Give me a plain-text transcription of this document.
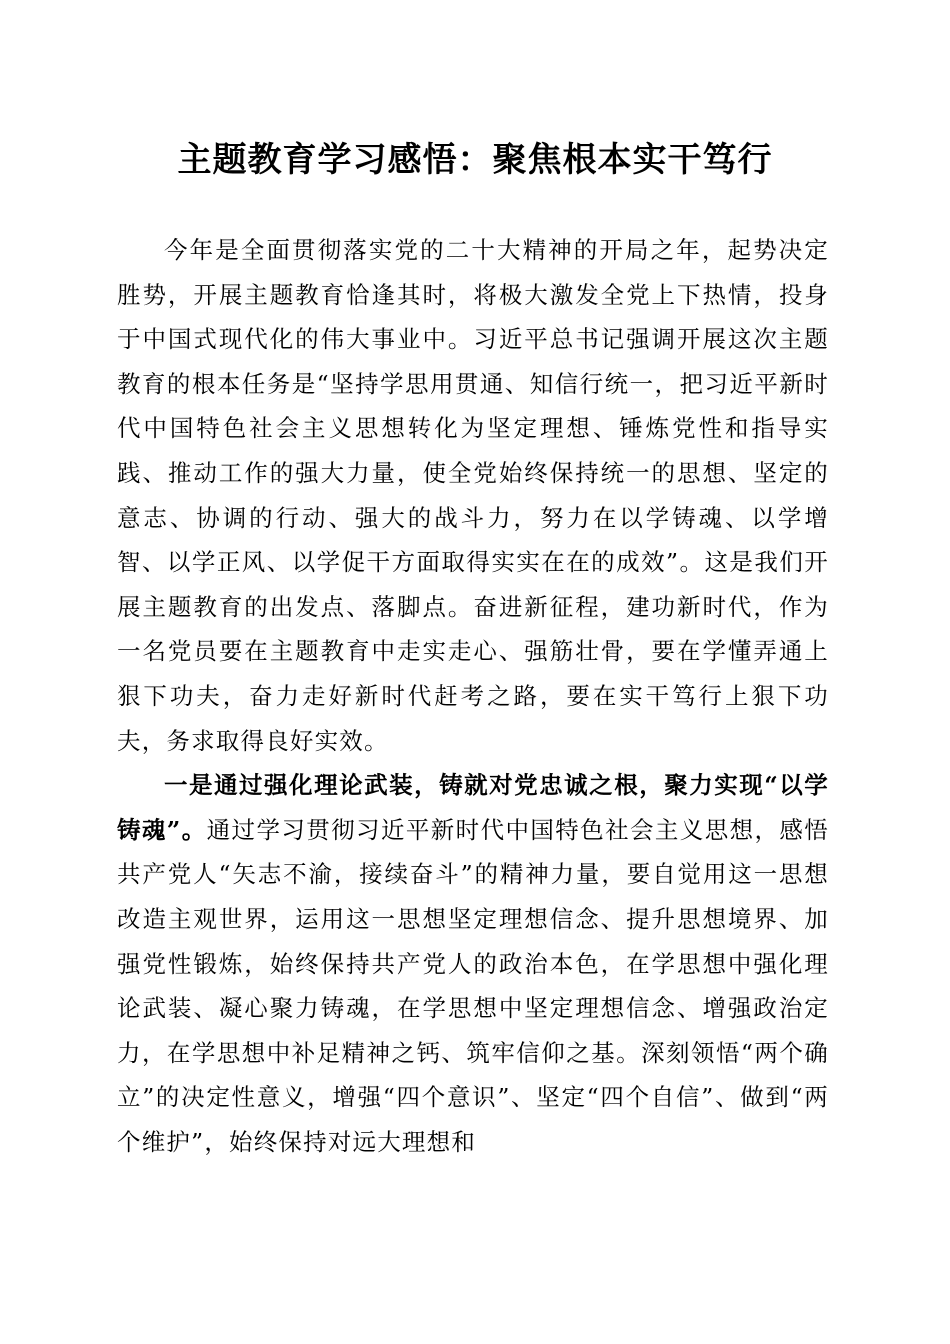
主题教育学习感悟：聚焦根本实干笃行

今年是全面贯彻落实党的二十大精神的开局之年，起势决定胜势，开展主题教育恰逢其时，将极大激发全党上下热情，投身于中国式现代化的伟大事业中。习近平总书记强调开展这次主题教育的根本任务是“坚持学思用贯通、知信行统一，把习近平新时代中国特色社会主义思想转化为坚定理想、锤炼党性和指导实践、推动工作的强大力量，使全党始终保持统一的思想、坚定的意志、协调的行动、强大的战斗力，努力在以学铸魂、以学增智、以学正风、以学促干方面取得实实在在的成效”。这是我们开展主题教育的出发点、落脚点。奋进新征程，建功新时代，作为一名党员要在主题教育中走实走心、强筋壮骨，要在学懂弄通上狠下功夫，奋力走好新时代赶考之路，要在实干笃行上狠下功夫，务求取得良好实效。

一是通过强化理论武装，铸就对党忠诚之根，聚力实现“以学铸魂”。通过学习贯彻习近平新时代中国特色社会主义思想，感悟共产党人“矢志不渝，接续奋斗”的精神力量，要自觉用这一思想改造主观世界，运用这一思想坚定理想信念、提升思想境界、加强党性锻炼，始终保持共产党人的政治本色，在学思想中强化理论武装、凝心聚力铸魂，在学思想中坚定理想信念、增强政治定力，在学思想中补足精神之钙、筑牢信仰之基。深刻领悟“两个确立”的决定性意义，增强“四个意识”、坚定“四个自信”、做到“两个维护”，始终保持对远大理想和
